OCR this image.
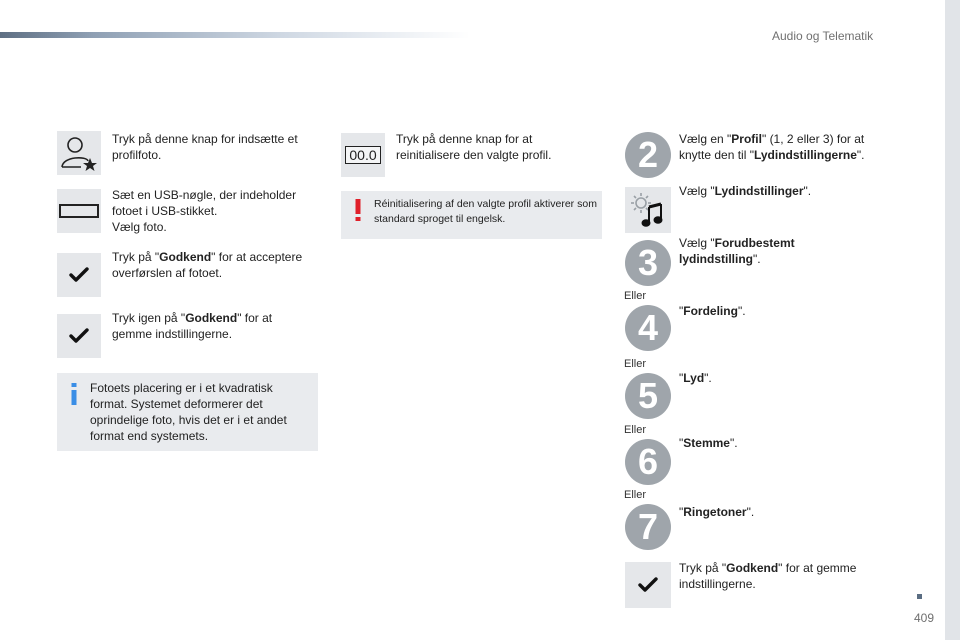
Audio og Telematik
409
Tryk på denne knap for indsætte et profilfoto.
Sæt en USB-nøgle, der indeholder fotoet i USB-stikket.
Vælg foto.
Tryk på "Godkend" for at acceptere overførslen af fotoet.
Tryk igen på "Godkend" for at gemme indstillingerne.
Fotoets placering er i et kvadratisk format. Systemet deformerer det oprindelige foto, hvis det er i et andet format end systemets.
00.0
Tryk på denne knap for at reinitialisere den valgte profil.
Réinitialisering af den valgte profil aktiverer som standard sproget til engelsk.
2	Vælg en "Profil" (1, 2 eller 3) for at knytte den til "Lydindstillingerne".
Vælg "Lydindstillinger".
3	Vælg "Forudbestemt lydindstilling".
Eller
4	"Fordeling".
Eller
5	"Lyd".
Eller
6	"Stemme".
Eller
7	"Ringetoner".
Tryk på "Godkend" for at gemme indstillingerne.
